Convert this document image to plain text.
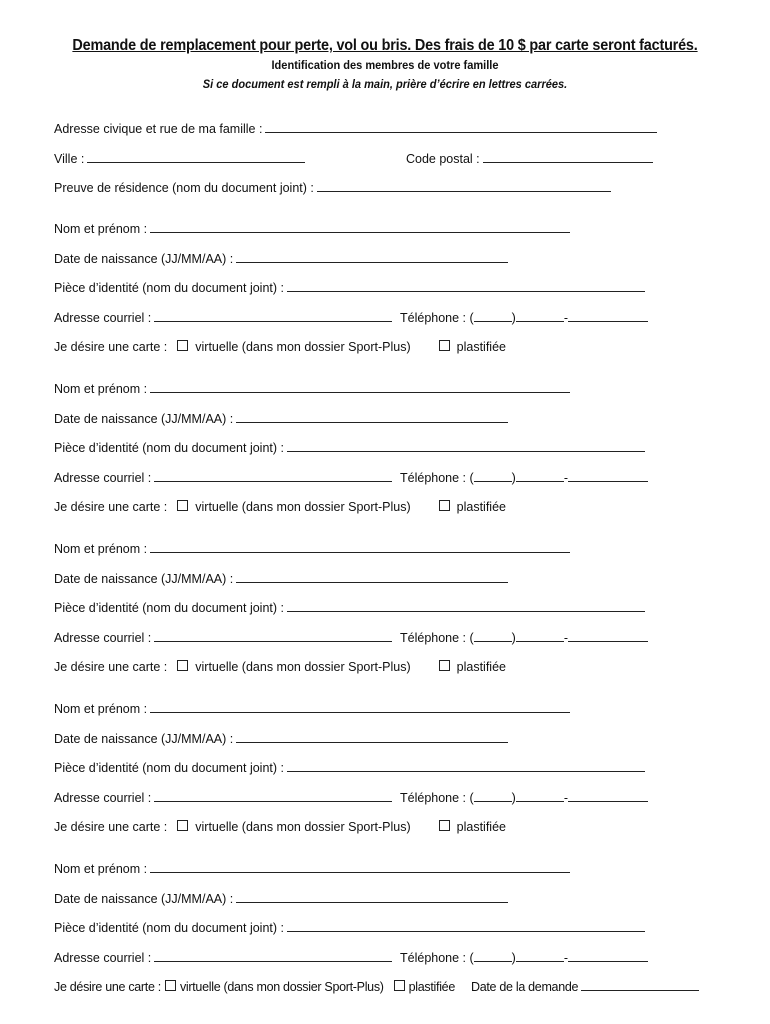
Demande de remplacement pour perte, vol ou bris. Des frais de 10 $ par carte seront facturés.
Identification des membres de votre famille
Si ce document est rempli à la main, prière d’écrire en lettres carrées.
Adresse civique et rue de ma famille :
Ville :	Code postal :
Preuve de résidence (nom du document joint) :
Nom et prénom :
Date de naissance (JJ/MM/AA) :
Pièce d’identité (nom du document joint) :
Adresse courriel :	Téléphone : (	)	-
Je désire une carte : virtuelle (dans mon dossier Sport-Plus)	plastifiée
Nom et prénom :
Date de naissance (JJ/MM/AA) :
Pièce d’identité (nom du document joint) :
Adresse courriel :	Téléphone : (	)	-
Je désire une carte : virtuelle (dans mon dossier Sport-Plus)	plastifiée
Nom et prénom :
Date de naissance (JJ/MM/AA) :
Pièce d’identité (nom du document joint) :
Adresse courriel :	Téléphone : (	)	-
Je désire une carte : virtuelle (dans mon dossier Sport-Plus)	plastifiée
Nom et prénom :
Date de naissance (JJ/MM/AA) :
Pièce d’identité (nom du document joint) :
Adresse courriel :	Téléphone : (	)	-
Je désire une carte : virtuelle (dans mon dossier Sport-Plus)	plastifiée
Nom et prénom :
Date de naissance (JJ/MM/AA) :
Pièce d’identité (nom du document joint) :
Adresse courriel :	Téléphone : (	)	-
Je désire une carte : virtuelle (dans mon dossier Sport-Plus) plastifiée Date de la demande
